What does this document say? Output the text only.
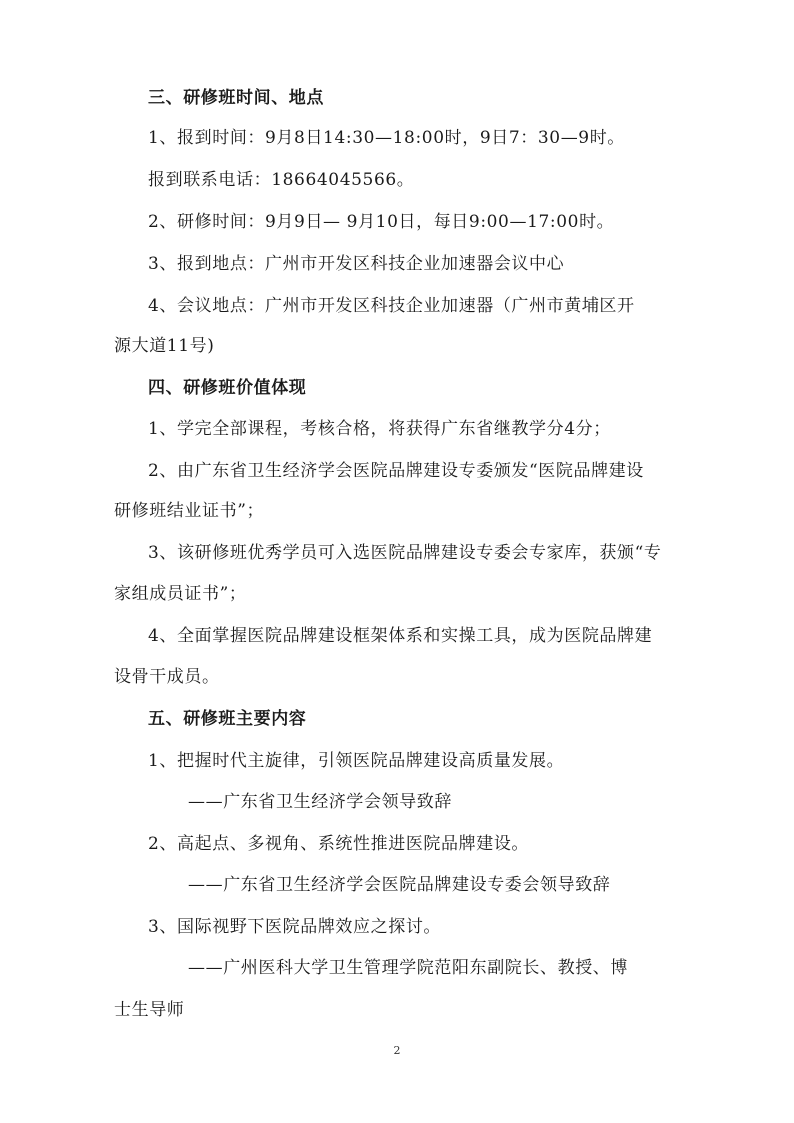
三、研修班时间、地点
1、报到时间：9月8日14:30—18:00时，9日7：30—9时。
报到联系电话：18664045566。
2、研修时间：9月9日— 9月10日，每日9:00—17:00时。
3、报到地点：广州市开发区科技企业加速器会议中心
4、会议地点：广州市开发区科技企业加速器（广州市黄埔区开
源大道11号)
四、研修班价值体现
1、学完全部课程，考核合格，将获得广东省继教学分4分；
2、由广东省卫生经济学会医院品牌建设专委颁发“医院品牌建设
研修班结业证书”；
3、该研修班优秀学员可入选医院品牌建设专委会专家库，获颁“专
家组成员证书”；
4、全面掌握医院品牌建设框架体系和实操工具，成为医院品牌建
设骨干成员。
五、研修班主要内容
1、把握时代主旋律，引领医院品牌建设高质量发展。
——广东省卫生经济学会领导致辞
2、高起点、多视角、系统性推进医院品牌建设。
——广东省卫生经济学会医院品牌建设专委会领导致辞
3、国际视野下医院品牌效应之探讨。
——广州医科大学卫生管理学院范阳东副院长、教授、博
士生导师
2
